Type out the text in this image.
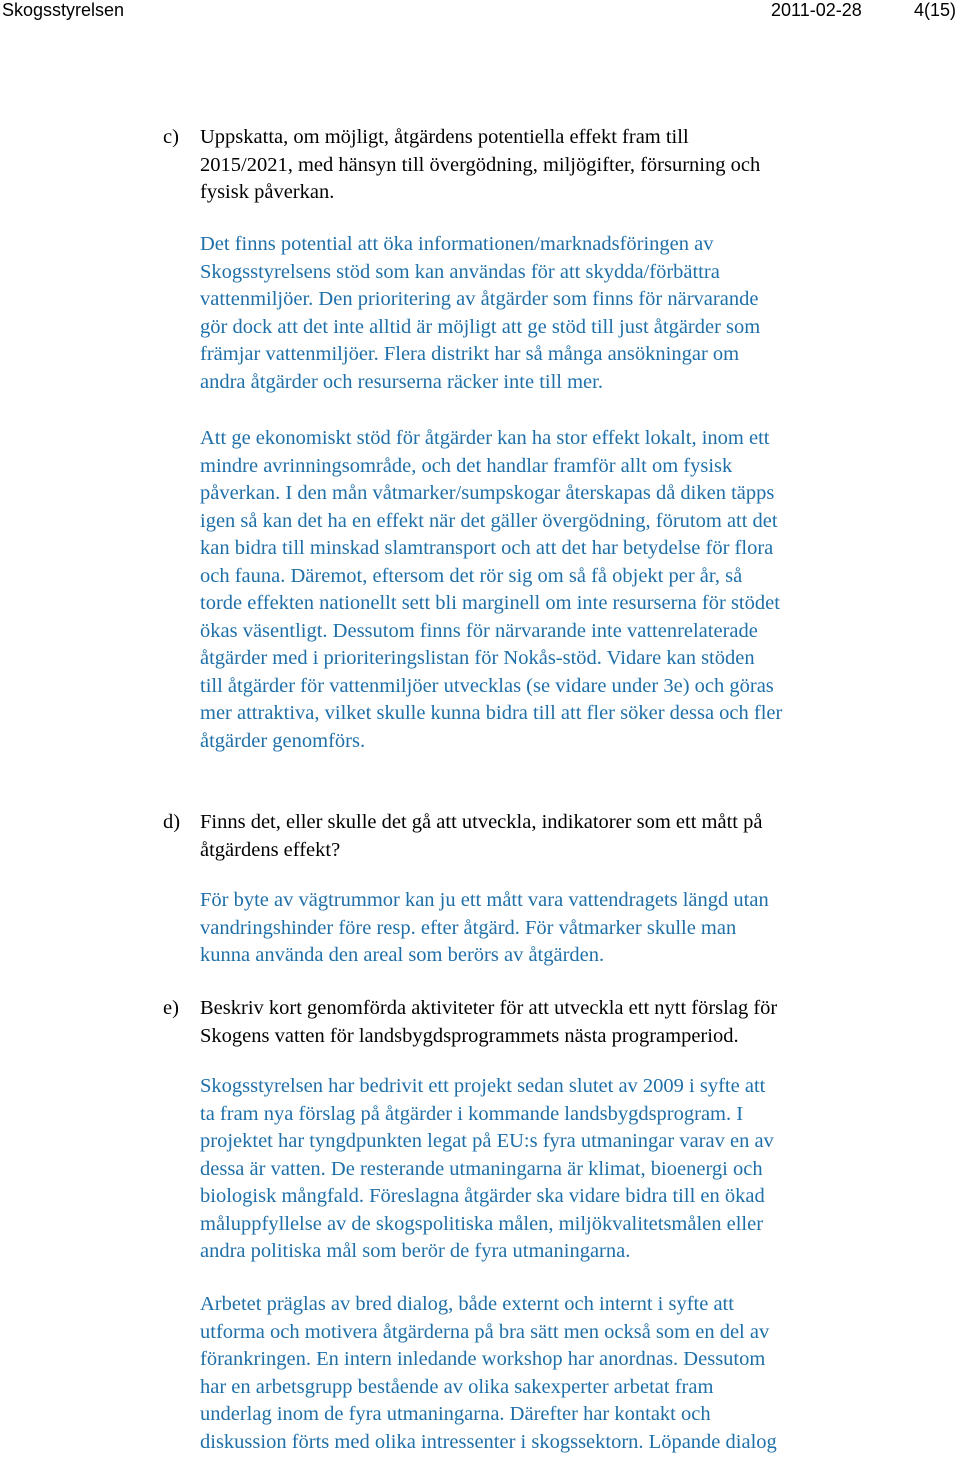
Skogsstyrelsen	2011-02-28	4(15)
c) Uppskatta, om möjligt, åtgärdens potentiella effekt fram till
2015/2021, med hänsyn till övergödning, miljögifter, försurning och
fysisk påverkan.
Det finns potential att öka informationen/marknadsföringen av
Skogsstyrelsens stöd som kan användas för att skydda/förbättra
vattenmiljöer. Den prioritering av åtgärder som finns för närvarande
gör dock att det inte alltid är möjligt att ge stöd till just åtgärder som
främjar vattenmiljöer. Flera distrikt har så många ansökningar om
andra åtgärder och resurserna räcker inte till mer.
Att ge ekonomiskt stöd för åtgärder kan ha stor effekt lokalt, inom ett
mindre avrinningsområde, och det handlar framför allt om fysisk
påverkan. I den mån våtmarker/sumpskogar återskapas då diken täpps
igen så kan det ha en effekt när det gäller övergödning, förutom att det
kan bidra till minskad slamtransport och att det har betydelse för flora
och fauna. Däremot, eftersom det rör sig om så få objekt per år, så
torde effekten nationellt sett bli marginell om inte resurserna för stödet
ökas väsentligt. Dessutom finns för närvarande inte vattenrelaterade
åtgärder med i prioriteringslistan för Nokås-stöd. Vidare kan stöden
till åtgärder för vattenmiljöer utvecklas (se vidare under 3e) och göras
mer attraktiva, vilket skulle kunna bidra till att fler söker dessa och fler
åtgärder genomförs.
d) Finns det, eller skulle det gå att utveckla, indikatorer som ett mått på
åtgärdens effekt?
För byte av vägtrummor kan ju ett mått vara vattendragets längd utan
vandringshinder före resp. efter åtgärd. För våtmarker skulle man
kunna använda den areal som berörs av åtgärden.
e) Beskriv kort genomförda aktiviteter för att utveckla ett nytt förslag för
Skogens vatten för landsbygdsprogrammets nästa programperiod.
Skogsstyrelsen har bedrivit ett projekt sedan slutet av 2009 i syfte att
ta fram nya förslag på åtgärder i kommande landsbygdsprogram. I
projektet har tyngdpunkten legat på EU:s fyra utmaningar varav en av
dessa är vatten. De resterande utmaningarna är klimat, bioenergi och
biologisk mångfald. Föreslagna åtgärder ska vidare bidra till en ökad
måluppfyllelse av de skogspolitiska målen, miljökvalitetsmålen eller
andra politiska mål som berör de fyra utmaningarna.
Arbetet präglas av bred dialog, både externt och internt i syfte att
utforma och motivera åtgärderna på bra sätt men också som en del av
förankringen. En intern inledande workshop har anordnas. Dessutom
har en arbetsgrupp bestående av olika sakexperter arbetat fram
underlag inom de fyra utmaningarna. Därefter har kontakt och
diskussion förts med olika intressenter i skogssektorn. Löpande dialog
